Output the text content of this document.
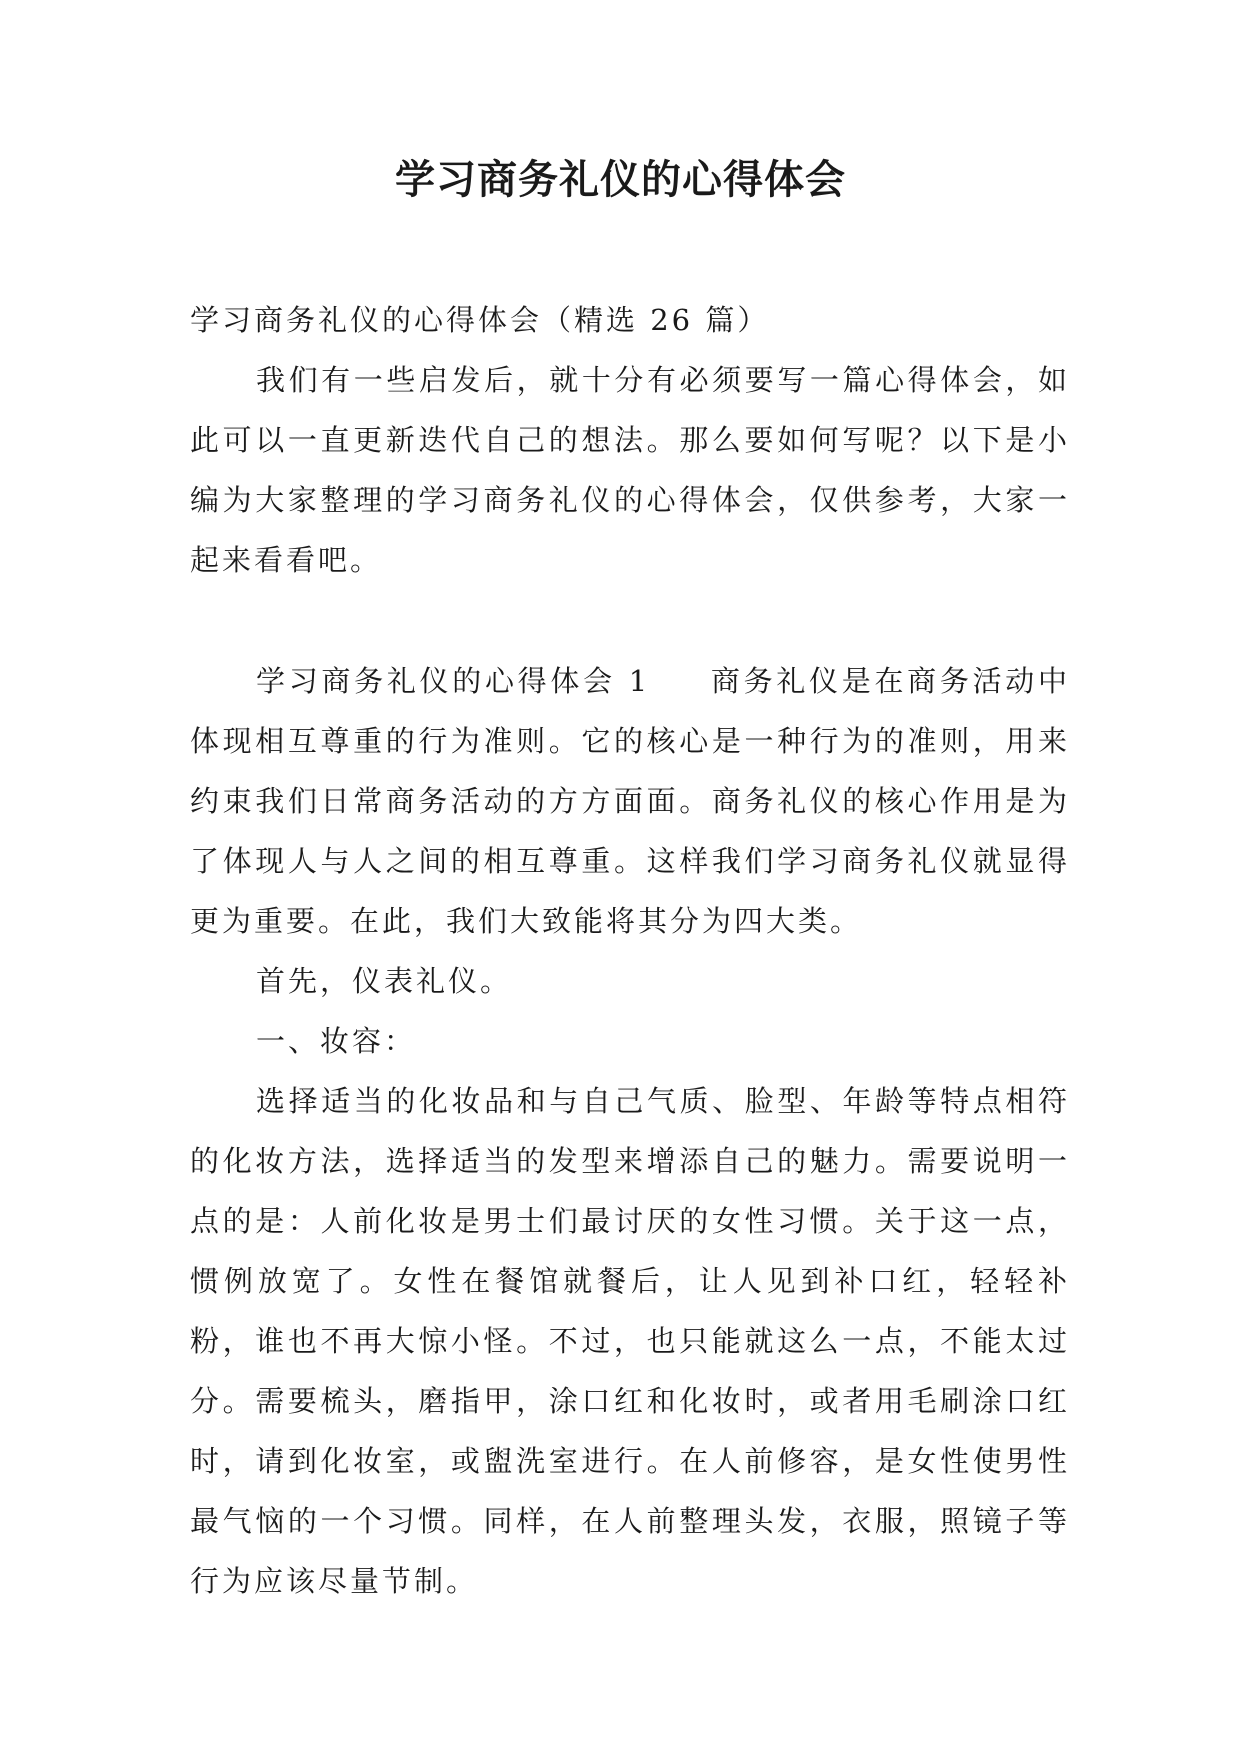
学习商务礼仪的心得体会

学习商务礼仪的心得体会（精选 26 篇）

我们有一些启发后，就十分有必须要写一篇心得体会，如此可以一直更新迭代自己的想法。那么要如何写呢？以下是小编为大家整理的学习商务礼仪的心得体会，仅供参考，大家一起来看看吧。

学习商务礼仪的心得体会 1 商务礼仪是在商务活动中体现相互尊重的行为准则。它的核心是一种行为的准则，用来约束我们日常商务活动的方方面面。商务礼仪的核心作用是为了体现人与人之间的相互尊重。这样我们学习商务礼仪就显得更为重要。在此，我们大致能将其分为四大类。

首先，仪表礼仪。

一、妆容：

选择适当的化妆品和与自己气质、脸型、年龄等特点相符的化妆方法，选择适当的发型来增添自己的魅力。需要说明一点的是：人前化妆是男士们最讨厌的女性习惯。关于这一点，惯例放宽了。女性在餐馆就餐后，让人见到补口红，轻轻补粉，谁也不再大惊小怪。不过，也只能就这么一点，不能太过分。需要梳头，磨指甲，涂口红和化妆时，或者用毛刷涂口红时，请到化妆室，或盥洗室进行。在人前修容，是女性使男性最气恼的一个习惯。同样，在人前整理头发，衣服，照镜子等行为应该尽量节制。
